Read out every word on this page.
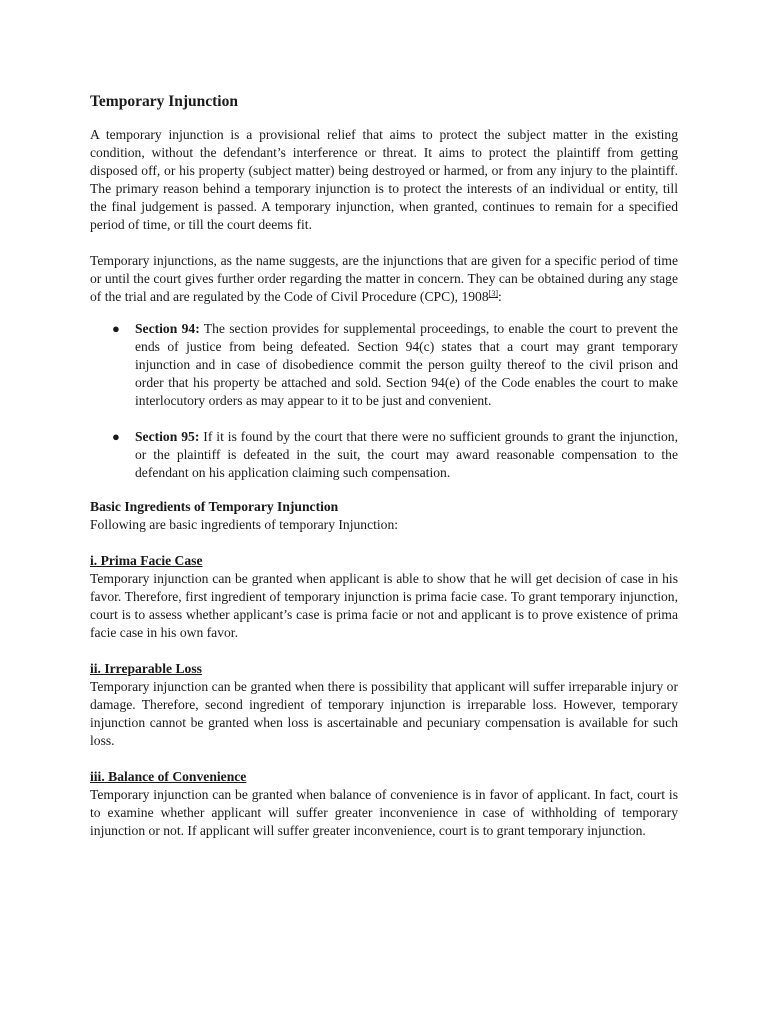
Temporary Injunction

A temporary injunction is a provisional relief that aims to protect the subject matter in the existing condition, without the defendant’s interference or threat. It aims to protect the plaintiff from getting disposed off, or his property (subject matter) being destroyed or harmed, or from any injury to the plaintiff. The primary reason behind a temporary injunction is to protect the interests of an individual or entity, till the final judgement is passed. A temporary injunction, when granted, continues to remain for a specified period of time, or till the court deems fit.

Temporary injunctions, as the name suggests, are the injunctions that are given for a specific period of time or until the court gives further order regarding the matter in concern. They can be obtained during any stage of the trial and are regulated by the Code of Civil Procedure (CPC), 1908[3]:

● Section 94: The section provides for supplemental proceedings, to enable the court to prevent the ends of justice from being defeated. Section 94(c) states that a court may grant temporary injunction and in case of disobedience commit the person guilty thereof to the civil prison and order that his property be attached and sold. Section 94(e) of the Code enables the court to make interlocutory orders as may appear to it to be just and convenient.
● Section 95: If it is found by the court that there were no sufficient grounds to grant the injunction, or the plaintiff is defeated in the suit, the court may award reasonable compensation to the defendant on his application claiming such compensation.

Basic Ingredients of Temporary Injunction

Following are basic ingredients of temporary Injunction:

i. Prima Facie Case

Temporary injunction can be granted when applicant is able to show that he will get decision of case in his favor. Therefore, first ingredient of temporary injunction is prima facie case. To grant temporary injunction, court is to assess whether applicant’s case is prima facie or not and applicant is to prove existence of prima facie case in his own favor.

ii. Irreparable Loss

Temporary injunction can be granted when there is possibility that applicant will suffer irreparable injury or damage. Therefore, second ingredient of temporary injunction is irreparable loss. However, temporary injunction cannot be granted when loss is ascertainable and pecuniary compensation is available for such loss.

iii. Balance of Convenience

Temporary injunction can be granted when balance of convenience is in favor of applicant. In fact, court is to examine whether applicant will suffer greater inconvenience in case of withholding of temporary injunction or not. If applicant will suffer greater inconvenience, court is to grant temporary injunction.
